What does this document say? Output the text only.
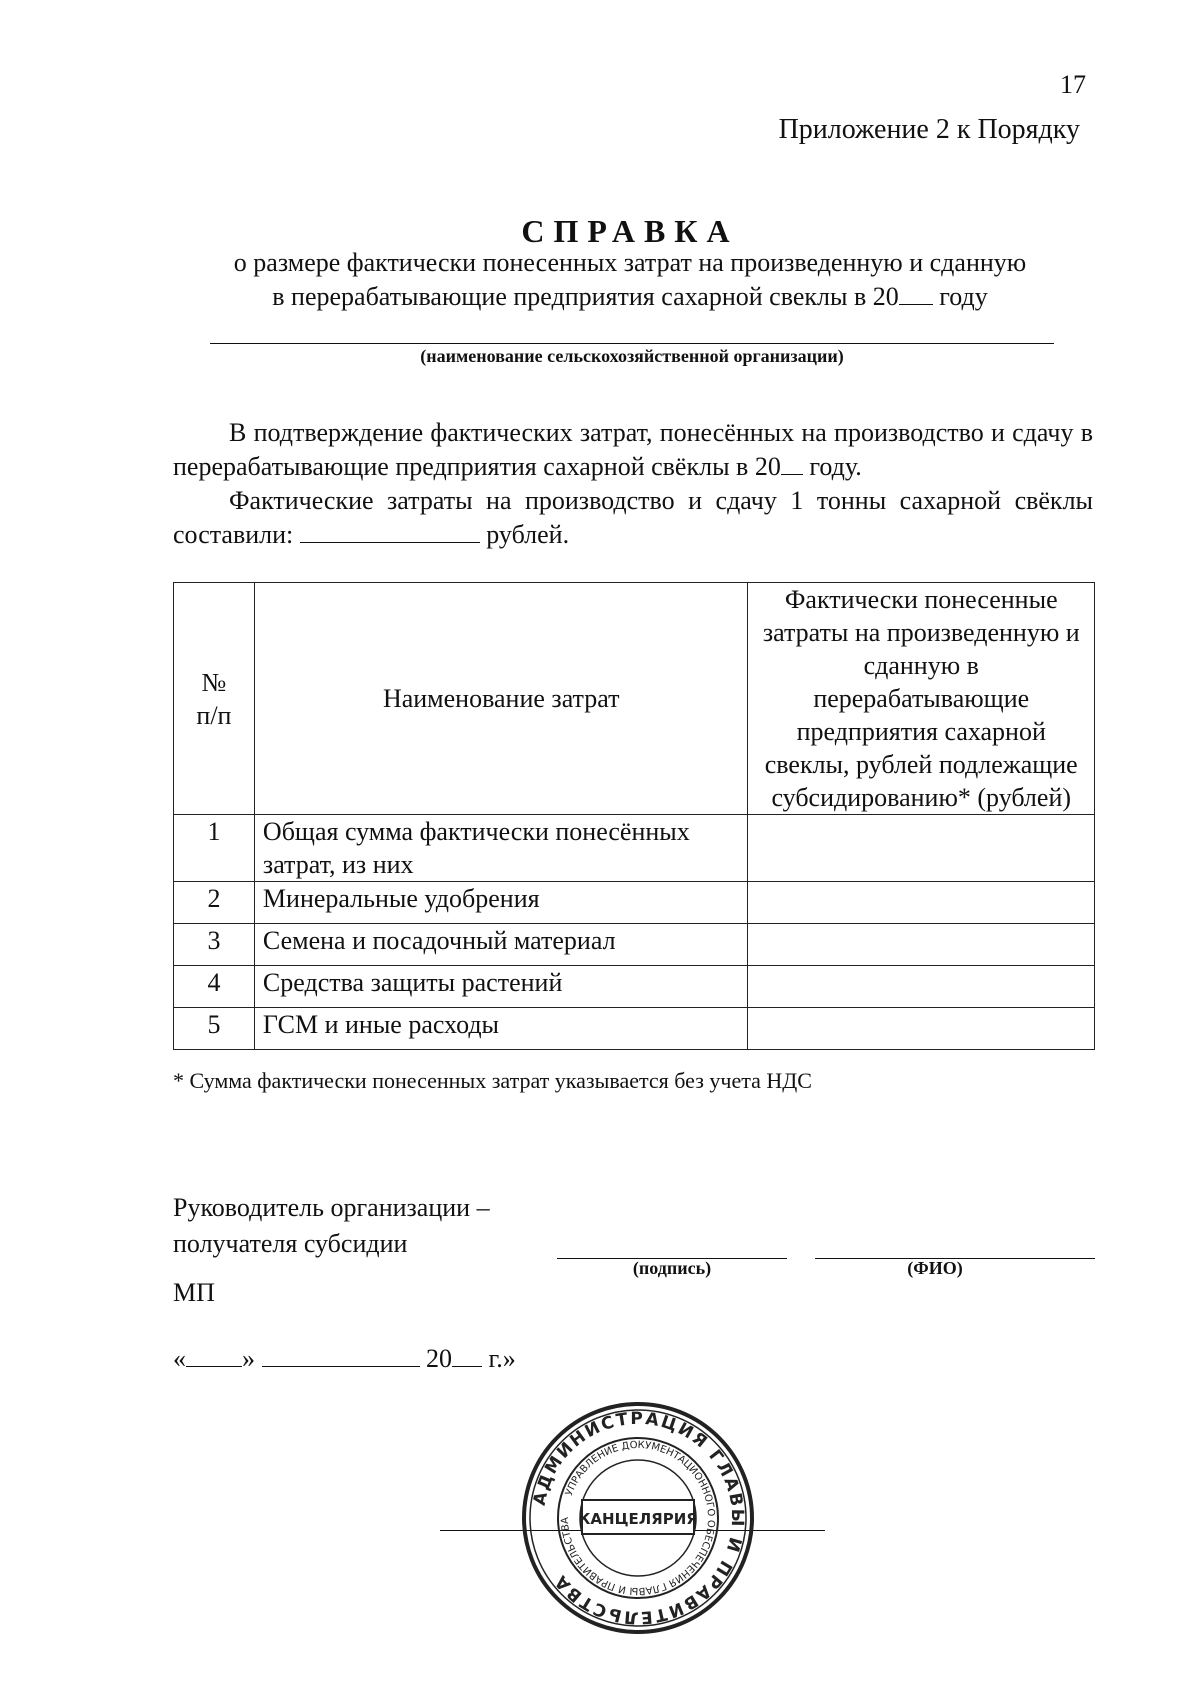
17
Приложение 2 к Порядку
СПРАВКА
о размере фактически понесенных затрат на произведенную и сданную
в перерабатывающие предприятия сахарной свеклы в 20 году
(наименование сельскохозяйственной организации)
В подтверждение фактических затрат, понесённых на производство и сдачу в перерабатывающие предприятия сахарной свёклы в 20 году.
Фактические затраты на производство и сдачу 1 тонны сахарной свёклы составили:	рублей.
№ п/п	Наименование затрат	Фактически понесенные затраты на произведенную и сданную в перерабатывающие предприятия сахарной свеклы, рублей подлежащие субсидированию* (рублей)
1	Общая сумма фактически понесённых затрат, из них	
2	Минеральные удобрения	
3	Семена и посадочный материал	
4	Средства защиты растений	
5	ГСМ и иные расходы	
* Сумма фактически понесенных затрат указывается без учета НДС
Руководитель организации –
получателя субсидии
(подпись)	(ФИО)
МП
« »	20 г.»
АДМИНИСТРАЦИЯ ГЛАВЫ И ПРАВИТЕЛЬСТВА
УПРАВЛЕНИЕ ДОКУМЕНТАЦИОННОГО ОБЕСПЕЧЕНИЯ ГЛАВЫ И ПРАВИТЕЛЬСТВА КАНЦЕЛЯРИЯ
